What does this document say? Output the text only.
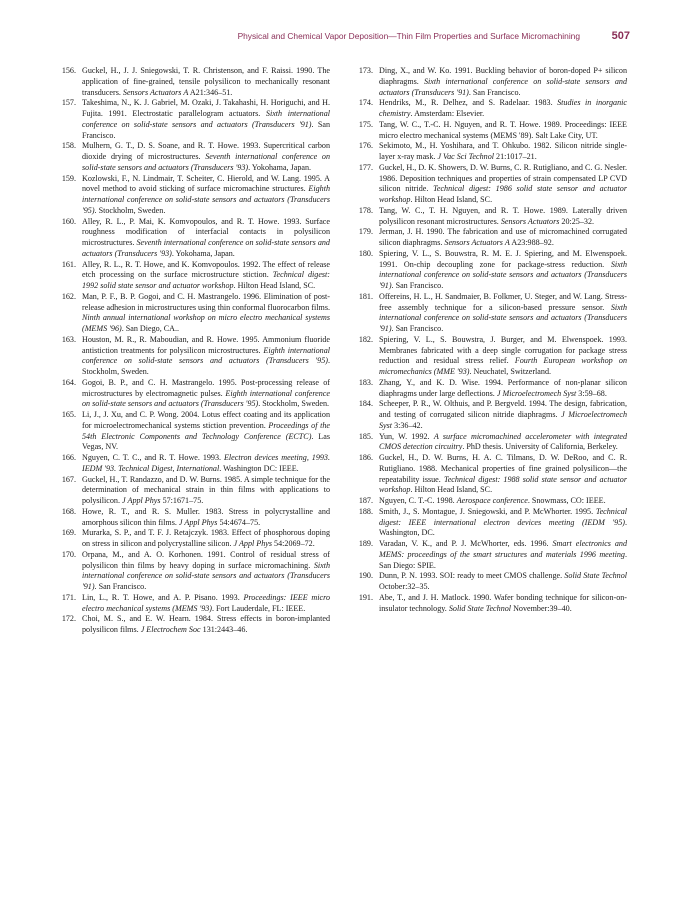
Physical and Chemical Vapor Deposition—Thin Film Properties and Surface Micromachining	507
156. Guckel, H., J. J. Sniegowski, T. R. Christenson, and F. Raissi. 1990. The application of fine-grained, tensile polysilicon to mechanically resonant transducers. Sensors Actuators A A21:346–51.
157. Takeshima, N., K. J. Gabriel, M. Ozaki, J. Takahashi, H. Horiguchi, and H. Fujita. 1991. Electrostatic parallelogram actuators. Sixth international conference on solid-state sensors and actuators (Transducers '91). San Francisco.
158. Mulhern, G. T., D. S. Soane, and R. T. Howe. 1993. Supercritical carbon dioxide drying of microstructures. Seventh international conference on solid-state sensors and actuators (Transducers '93). Yokohama, Japan.
159. Kozlowski, F., N. Lindmair, T. Scheiter, C. Hierold, and W. Lang. 1995. A novel method to avoid sticking of surface micromachine structures. Eighth international conference on solid-state sensors and actuators (Transducers '95). Stockholm, Sweden.
160. Alley, R. L., P. Mai, K. Komvopoulos, and R. T. Howe. 1993. Surface roughness modification of interfacial contacts in polysilicon microstructures. Seventh international conference on solid-state sensors and actuators (Transducers '93). Yokohama, Japan.
161. Alley, R. L., R. T. Howe, and K. Komvopoulos. 1992. The effect of release etch processing on the surface microstructure stiction. Technical digest: 1992 solid state sensor and actuator workshop. Hilton Head Island, SC.
162. Man, P. F., B. P. Gogoi, and C. H. Mastrangelo. 1996. Elimination of post-release adhesion in microstructures using thin conformal fluorocarbon films. Ninth annual international workshop on micro electro mechanical systems (MEMS '96). San Diego, CA..
163. Houston, M. R., R. Maboudian, and R. Howe. 1995. Ammonium fluoride antistiction treatments for polysilicon microstructures. Eighth international conference on solid-state sensors and actuators (Transducers '95). Stockholm, Sweden.
164. Gogoi, B. P., and C. H. Mastrangelo. 1995. Post-processing release of microstructures by electromagnetic pulses. Eighth international conference on solid-state sensors and actuators (Transducers '95). Stockholm, Sweden.
165. Li, J., J. Xu, and C. P. Wong. 2004. Lotus effect coating and its application for microelectromechanical systems stiction prevention. Proceedings of the 54th Electronic Components and Technology Conference (ECTC). Las Vegas, NV.
166. Nguyen, C. T. C., and R. T. Howe. 1993. Electron devices meeting, 1993. IEDM '93. Technical Digest, International. Washington DC: IEEE.
167. Guckel, H., T. Randazzo, and D. W. Burns. 1985. A simple technique for the determination of mechanical strain in thin films with applications to polysilicon. J Appl Phys 57:1671–75.
168. Howe, R. T., and R. S. Muller. 1983. Stress in polycrystalline and amorphous silicon thin films. J Appl Phys 54:4674–75.
169. Murarka, S. P., and T. F. J. Retajczyk. 1983. Effect of phosphorous doping on stress in silicon and polycrystalline silicon. J Appl Phys 54:2069–72.
170. Orpana, M., and A. O. Korhonen. 1991. Control of residual stress of polysilicon thin films by heavy doping in surface micromachining. Sixth international conference on solid-state sensors and actuators (Transducers '91). San Francisco.
171. Lin, L., R. T. Howe, and A. P. Pisano. 1993. Proceedings: IEEE micro electro mechanical systems (MEMS '93). Fort Lauderdale, FL: IEEE.
172. Choi, M. S., and E. W. Hearn. 1984. Stress effects in boron-implanted polysilicon films. J Electrochem Soc 131:2443–46.
173. Ding, X., and W. Ko. 1991. Buckling behavior of boron-doped P+ silicon diaphragms. Sixth international conference on solid-state sensors and actuators (Transducers '91). San Francisco.
174. Hendriks, M., R. Delhez, and S. Radelaar. 1983. Studies in inorganic chemistry. Amsterdam: Elsevier.
175. Tang, W. C., T.-C. H. Nguyen, and R. T. Howe. 1989. Proceedings: IEEE micro electro mechanical systems (MEMS '89). Salt Lake City, UT.
176. Sekimoto, M., H. Yoshihara, and T. Ohkubo. 1982. Silicon nitride single-layer x-ray mask. J Vac Sci Technol 21:1017–21.
177. Guckel, H., D. K. Showers, D. W. Burns, C. R. Rutigliano, and C. G. Nesler. 1986. Deposition techniques and properties of strain compensated LP CVD silicon nitride. Technical digest: 1986 solid state sensor and actuator workshop. Hilton Head Island, SC.
178. Tang, W. C., T. H. Nguyen, and R. T. Howe. 1989. Laterally driven polysilicon resonant microstructures. Sensors Actuators 20:25–32.
179. Jerman, J. H. 1990. The fabrication and use of micromachined corrugated silicon diaphragms. Sensors Actuators A A23:988–92.
180. Spiering, V. L., S. Bouwstra, R. M. E. J. Spiering, and M. Elwenspoek. 1991. On-chip decoupling zone for package-stress reduction. Sixth international conference on solid-state sensors and actuators (Transducers '91). San Francisco.
181. Offereins, H. L., H. Sandmaier, B. Folkmer, U. Steger, and W. Lang. Stress-free assembly technique for a silicon-based pressure sensor. Sixth international conference on solid-state sensors and actuators (Transducers '91). San Francisco.
182. Spiering, V. L., S. Bouwstra, J. Burger, and M. Elwenspoek. 1993. Membranes fabricated with a deep single corrugation for package stress reduction and residual stress relief. Fourth European workshop on micromechanics (MME '93). Neuchatel, Switzerland.
183. Zhang, Y., and K. D. Wise. 1994. Performance of non-planar silicon diaphragms under large deflections. J Microelectromech Syst 3:59–68.
184. Scheeper, P. R., W. Olthuis, and P. Bergveld. 1994. The design, fabrication, and testing of corrugated silicon nitride diaphragms. J Microelectromech Syst 3:36–42.
185. Yun, W. 1992. A surface micromachined accelerometer with integrated CMOS detection circuitry. PhD thesis. University of California, Berkeley.
186. Guckel, H., D. W. Burns, H. A. C. Tilmans, D. W. DeRoo, and C. R. Rutigliano. 1988. Mechanical properties of fine grained polysilicon—the repeatability issue. Technical digest: 1988 solid state sensor and actuator workshop. Hilton Head Island, SC.
187. Nguyen, C. T.-C. 1998. Aerospace conference. Snowmass, CO: IEEE.
188. Smith, J., S. Montague, J. Sniegowski, and P. McWhorter. 1995. Technical digest: IEEE international electron devices meeting (IEDM '95). Washington, DC.
189. Varadan, V. K., and P. J. McWhorter, eds. 1996. Smart electronics and MEMS: proceedings of the smart structures and materials 1996 meeting. San Diego: SPIE.
190. Dunn, P. N. 1993. SOI: ready to meet CMOS challenge. Solid State Technol October:32–35.
191. Abe, T., and J. H. Matlock. 1990. Wafer bonding technique for silicon-on-insulator technology. Solid State Technol November:39–40.
